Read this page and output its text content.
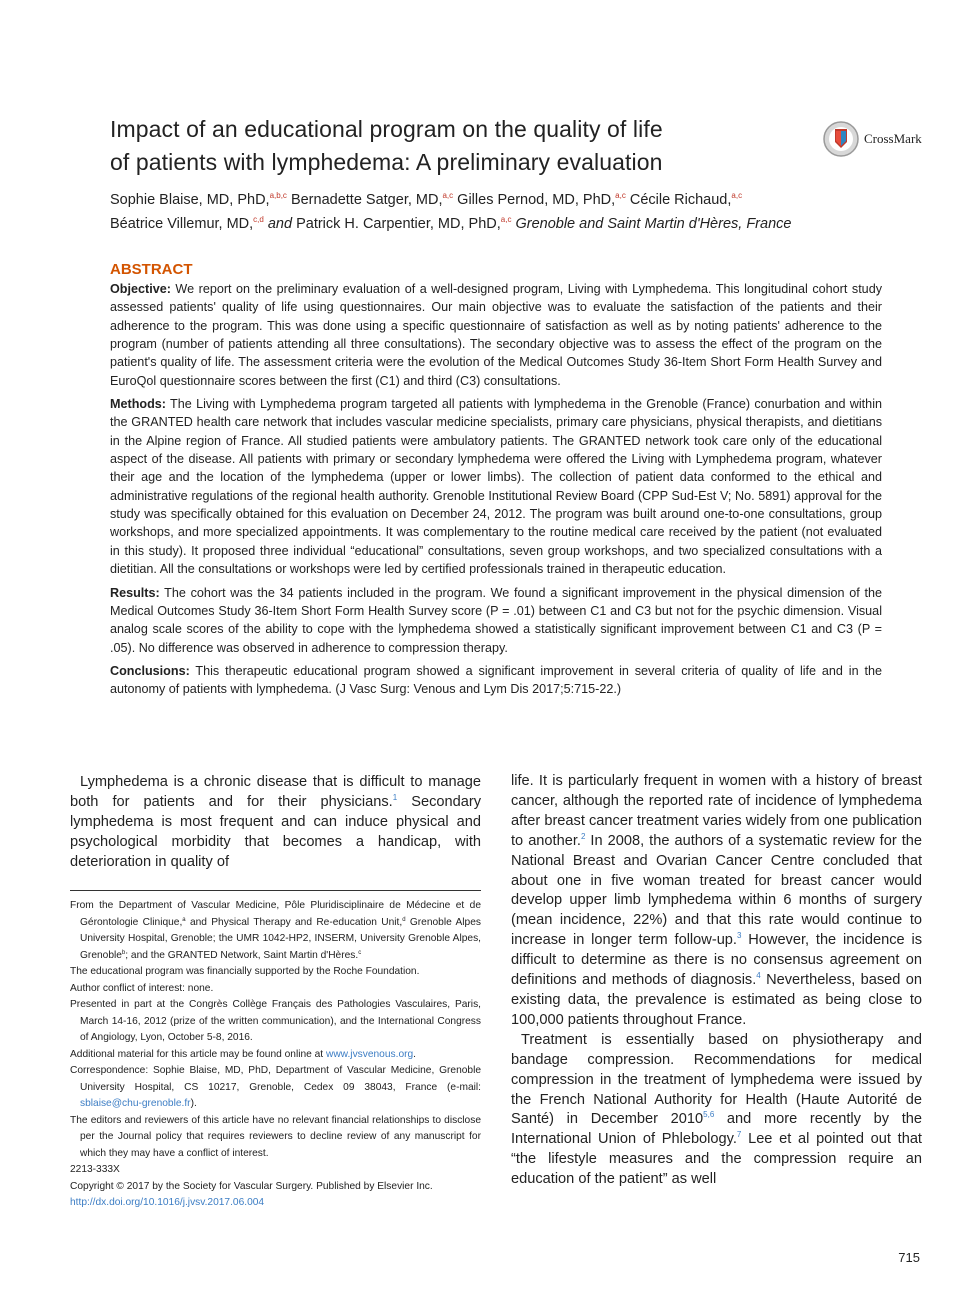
Impact of an educational program on the quality of life
of patients with lymphedema: A preliminary evaluation
CrossMark
Sophie Blaise, MD, PhD,$^{a,b,c}$ Bernadette Satger, MD,$^{a,c}$ Gilles Pernod, MD, PhD,$^{a,c}$ Cécile Richaud,$^{a,c}$
Béatrice Villemur, MD,$^{c,d}$ and Patrick H. Carpentier, MD, PhD,$^{a,c}$ Grenoble and Saint Martin d'Hères, France
ABSTRACT

Objective: We report on the preliminary evaluation of a well-designed program, Living with Lymphedema. This longitudinal cohort study assessed patients' quality of life using questionnaires. Our main objective was to evaluate the satisfaction of the patients and their adherence to the program. This was done using a specific questionnaire of satisfaction as well as by noting patients' adherence to the program (number of patients attending all three consultations). The secondary objective was to assess the effect of the program on the patient's quality of life. The assessment criteria were the evolution of the Medical Outcomes Study 36-Item Short Form Health Survey and EuroQol questionnaire scores between the first (C1) and third (C3) consultations.

Methods: The Living with Lymphedema program targeted all patients with lymphedema in the Grenoble (France) conurbation and within the GRANTED health care network that includes vascular medicine specialists, primary care physicians, physical therapists, and dietitians in the Alpine region of France. All studied patients were ambulatory patients. The GRANTED network took care only of the educational aspect of the disease. All patients with primary or secondary lymphedema were offered the Living with Lymphedema program, whatever their age and the location of the lymphedema (upper or lower limbs). The collection of patient data conformed to the ethical and administrative regulations of the regional health authority. Grenoble Institutional Review Board (CPP Sud-Est V; No. 5891) approval for the study was specifically obtained for this evaluation on December 24, 2012. The program was built around one-to-one consultations, group workshops, and more specialized appointments. It was complementary to the routine medical care received by the patient (not evaluated in this study). It proposed three individual “educational” consultations, seven group workshops, and two specialized consultations with a dietitian. All the consultations or workshops were led by certified professionals trained in therapeutic education.

Results: The cohort was the 34 patients included in the program. We found a significant improvement in the physical dimension of the Medical Outcomes Study 36-Item Short Form Health Survey score (P = .01) between C1 and C3 but not for the psychic dimension. Visual analog scale scores of the ability to cope with the lymphedema showed a statistically significant improvement between C1 and C3 (P = .05). No difference was observed in adherence to compression therapy.

Conclusions: This therapeutic educational program showed a significant improvement in several criteria of quality of life and in the autonomy of patients with lymphedema. (J Vasc Surg: Venous and Lym Dis 2017;5:715-22.)

Lymphedema is a chronic disease that is difficult to manage both for patients and for their physicians.$^1$ Secondary lymphedema is most frequent and can induce physical and psychological morbidity that becomes a handicap, with deterioration in quality of

From the Department of Vascular Medicine, Pôle Pluridisciplinaire de Médecine et de Gérontologie Clinique,$^a$ and Physical Therapy and Re-education Unit,$^d$ Grenoble Alpes University Hospital, Grenoble; the UMR 1042-HP2, INSERM, University Grenoble Alpes, Grenoble$^b$; and the GRANTED Network, Saint Martin d'Hères.$^c$

The educational program was financially supported by the Roche Foundation.

Author conflict of interest: none.

Presented in part at the Congrès Collège Français des Pathologies Vasculaires, Paris, March 14-16, 2012 (prize of the written communication), and the International Congress of Angiology, Lyon, October 5-8, 2016.

Additional material for this article may be found online at www.jvsvenous.org.

Correspondence: Sophie Blaise, MD, PhD, Department of Vascular Medicine, Grenoble University Hospital, CS 10217, Grenoble, Cedex 09 38043, France (e-mail: sblaise@chu-grenoble.fr).

The editors and reviewers of this article have no relevant financial relationships to disclose per the Journal policy that requires reviewers to decline review of any manuscript for which they may have a conflict of interest.

2213-333X

Copyright © 2017 by the Society for Vascular Surgery. Published by Elsevier Inc.

http://dx.doi.org/10.1016/j.jvsv.2017.06.004

life. It is particularly frequent in women with a history of breast cancer, although the reported rate of incidence of lymphedema after breast cancer treatment varies widely from one publication to another.$^2$ In 2008, the authors of a systematic review for the National Breast and Ovarian Cancer Centre concluded that about one in five woman treated for breast cancer would develop upper limb lymphedema within 6 months of surgery (mean incidence, 22%) and that this rate would continue to increase in longer term follow-up.$^3$ However, the incidence is difficult to determine as there is no consensus agreement on definitions and methods of diagnosis.$^4$ Nevertheless, based on existing data, the prevalence is estimated as being close to 100,000 patients throughout France.

Treatment is essentially based on physiotherapy and bandage compression. Recommendations for medical compression in the treatment of lymphedema were issued by the French National Authority for Health (Haute Autorité de Santé) in December 2010$^{5,6}$ and more recently by the International Union of Phlebology.$^7$ Lee et al pointed out that “the lifestyle measures and the compression require an education of the patient” as well

715
